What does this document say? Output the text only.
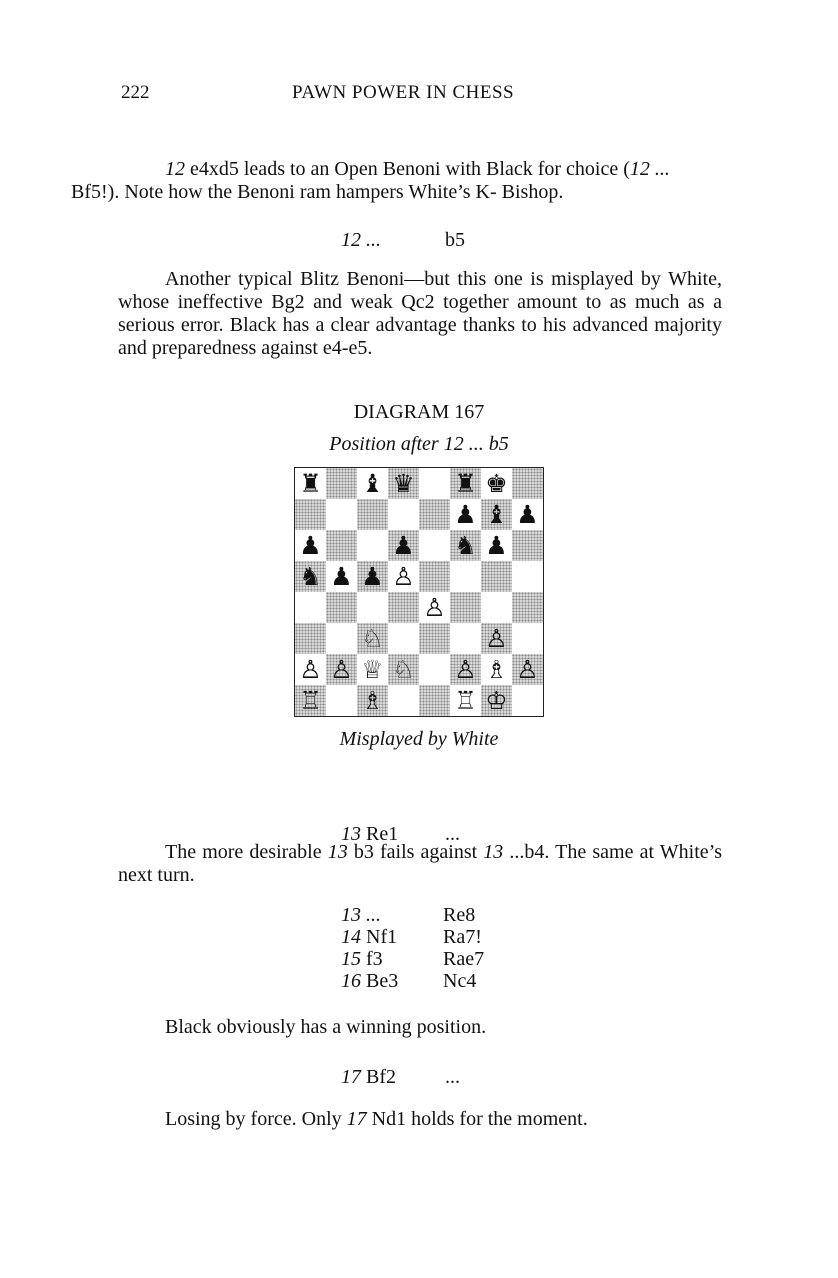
222	PAWN POWER IN CHESS

12 e4xd5 leads to an Open Benoni with Black for choice (12 ...
Bf5!). Note how the Benoni ram hampers White’s K- Bishop.

12 ...	b5

Another typical Blitz Benoni—but this one is misplayed by White, whose ineffective Bg2 and weak Qc2 together amount to as much as a serious error. Black has a clear advantage thanks to his advanced majority and preparedness against e4-e5.

DIAGRAM 167
Position after 12 ... b5
♜ ♝ ♛ ♜ ♚
♟ ♝ ♟
♟	♟ ♞ ♟
♞ ♟ ♟ ♙
♙
♘	♙
♙ ♙ ♕ ♘ ♙ ♗ ♙
♖ ♗	♖ ♔
Misplayed by White
13 Re1 ...

The more desirable 13 b3 fails against 13 ...b4. The same at White’s next turn.

13 ...	Re8
14 Nf1 Ra7!
15 f3	Rae7
16 Be3 Nc4

Black obviously has a winning position.

17 Bf2 ...

Losing by force. Only 17 Nd1 holds for the moment.
